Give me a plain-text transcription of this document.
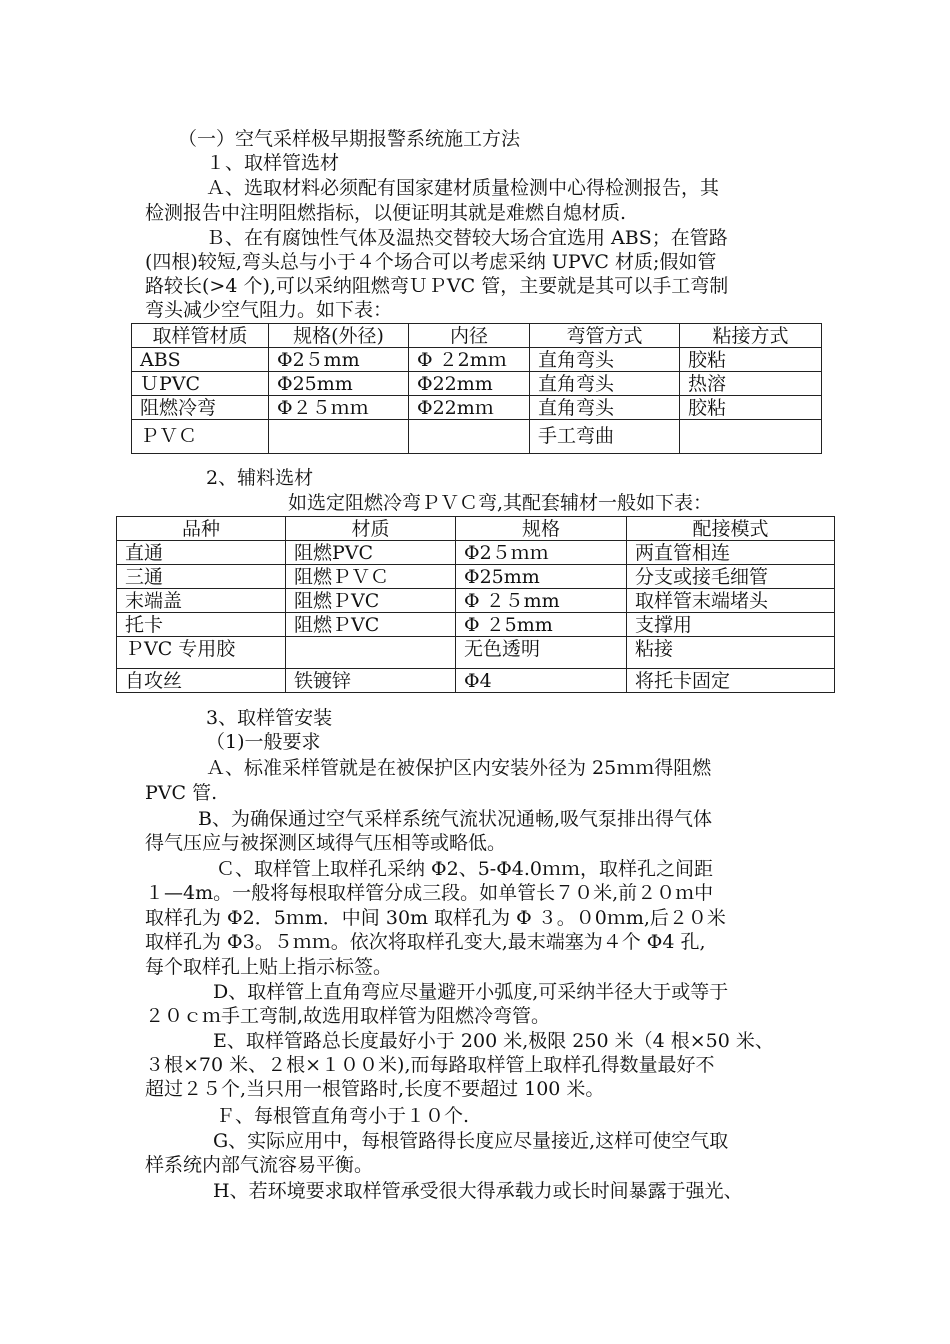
（一）空气采样极早期报警系统施工方法
１、取样管选材
Ａ、选取材料必须配有国家建材质量检测中心得检测报告，其
检测报告中注明阻燃指标，以便证明其就是难燃自熄材质.
Ｂ、在有腐蚀性气体及温热交替较大场合宜选用 ABS；在管路
(四根)较短,弯头总与小于４个场合可以考虑采纳 UPVC 材质;假如管
路较长(>4 个),可以采纳阻燃弯ＵＰVC 管，主要就是其可以手工弯制
弯头减少空气阻力。如下表：
取样管材质	规格(外径)	内径	弯管方式	粘接方式
ABS	Φ2５mm	Φ ２2mｍ	直角弯头	胶粘
ＵPVC	Φ25mm	Φ22mm	直角弯头	热溶
阻燃冷弯	Φ２５ｍｍ	Φ22mｍ	直角弯头	胶粘
ＰＶＣ			手工弯曲	
2、辅料选材
如选定阻燃冷弯ＰＶＣ弯,其配套辅材一般如下表：
品种	材质	规格	配接模式
直通	阻燃PVC	Φ2５ｍｍ	两直管相连
三通	阻燃ＰＶＣ	Φ25mm	分支或接毛细管
末端盖	阻燃ＰVC	Φ ２５mm	取样管末端堵头
托卡	阻燃ＰVC	Φ ２5mm	支撑用
ＰVC 专用胶		无色透明	粘接
自攻丝	铁镀锌	Φ4	将托卡固定
3、取样管安装
（1)一般要求
Ａ、标准采样管就是在被保护区内安装外径为 25ｍｍ得阻燃
PVC 管.
B、为确保通过空气采样系统气流状况通畅,吸气泵排出得气体
得气压应与被探测区域得气压相等或略低。
Ｃ、取样管上取样孔采纳 Φ2、5-Φ4.0ｍｍ，取样孔之间距
１—4m。一般将每根取样管分成三段。如单管长７０米,前２０ｍ中
取样孔为 Φ2．5ｍm．中间 30m 取样孔为 Φ ３。０0ｍm,后２０米
取样孔为 Φ3。５ｍｍ。依次将取样孔变大,最末端塞为４个 Φ4 孔,
每个取样孔上贴上指示标签。
D、取样管上直角弯应尽量避开小弧度,可采纳半径大于或等于
２０ｃｍ手工弯制,故选用取样管为阻燃冷弯管。
E、取样管路总长度最好小于 200 米,极限 250 米（4 根×50 米、
３根×70 米、２根×１００米),而每路取样管上取样孔得数量最好不
超过２５个,当只用一根管路时,长度不要超过 100 米。
Ｆ、每根管直角弯小于１０个.
G、实际应用中，每根管路得长度应尽量接近,这样可使空气取
样系统内部气流容易平衡。
H、若环境要求取样管承受很大得承载力或长时间暴露于强光、
